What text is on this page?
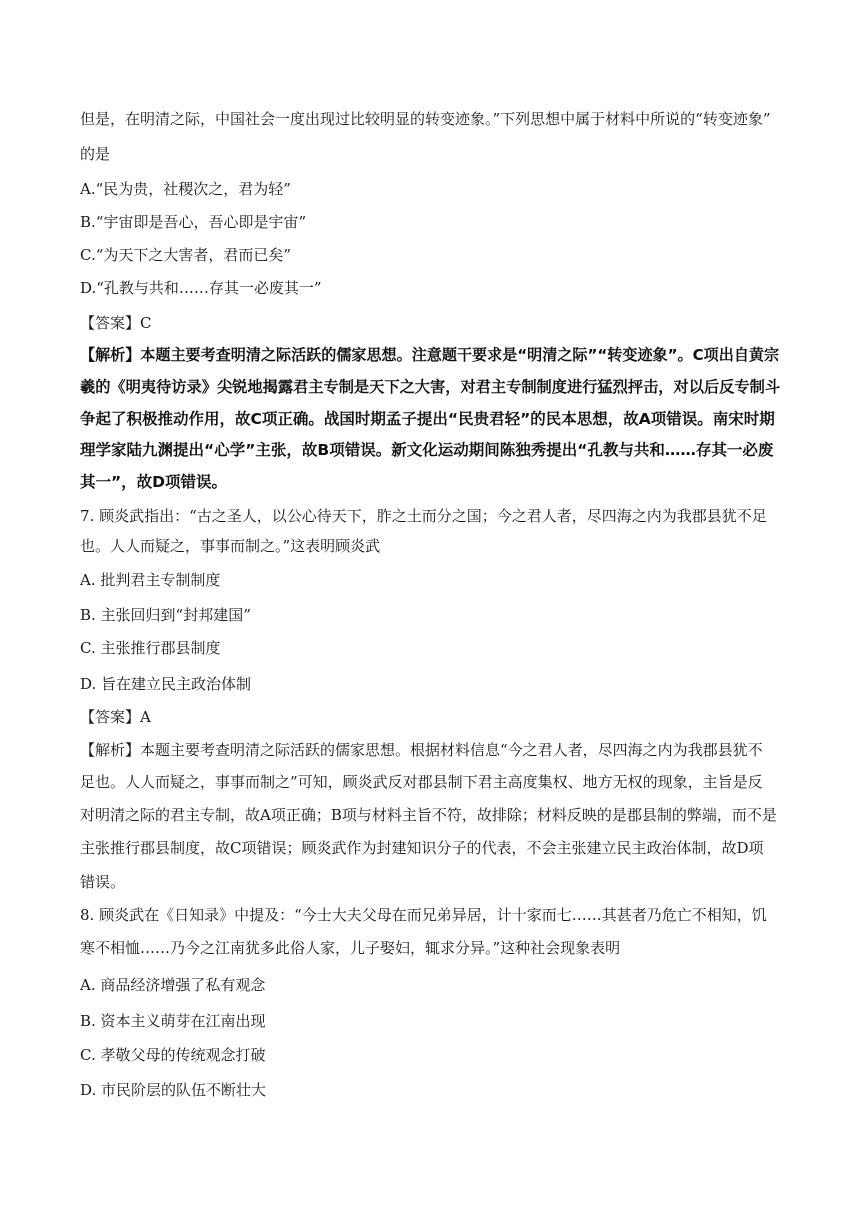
但是，在明清之际，中国社会一度出现过比较明显的转变迹象。”下列思想中属于材料中所说的“转变迹象”
的是
A.“民为贵，社稷次之，君为轻”
B.“宇宙即是吾心，吾心即是宇宙”
C.“为天下之大害者，君而已矣”
D.“孔教与共和……存其一必废其一”
【答案】C
【解析】本题主要考查明清之际活跃的儒家思想。注意题干要求是“明清之际”“转变迹象”。C项出自黄宗
羲的《明夷待访录》尖锐地揭露君主专制是天下之大害，对君主专制制度进行猛烈抨击，对以后反专制斗
争起了积极推动作用，故C项正确。战国时期孟子提出“民贵君轻”的民本思想，故A项错误。南宋时期
理学家陆九渊提出“心学”主张，故B项错误。新文化运动期间陈独秀提出“孔教与共和……存其一必废
其一”，故D项错误。
7. 顾炎武指出：“古之圣人，以公心待天下，胙之土而分之国；今之君人者，尽四海之内为我郡县犹不足
也。人人而疑之，事事而制之。”这表明顾炎武
A. 批判君主专制制度
B. 主张回归到“封邦建国”
C. 主张推行郡县制度
D. 旨在建立民主政治体制
【答案】A
【解析】本题主要考查明清之际活跃的儒家思想。根据材料信息“今之君人者，尽四海之内为我郡县犹不
足也。人人而疑之，事事而制之”可知，顾炎武反对郡县制下君主高度集权、地方无权的现象，主旨是反
对明清之际的君主专制，故A项正确；B项与材料主旨不符，故排除；材料反映的是郡县制的弊端，而不是
主张推行郡县制度，故C项错误；顾炎武作为封建知识分子的代表，不会主张建立民主政治体制，故D项
错误。
8. 顾炎武在《日知录》中提及：“今士大夫父母在而兄弟异居，计十家而七……其甚者乃危亡不相知，饥
寒不相恤……乃今之江南犹多此俗人家，儿子娶妇，辄求分异。”这种社会现象表明
A. 商品经济增强了私有观念
B. 资本主义萌芽在江南出现
C. 孝敬父母的传统观念打破
D. 市民阶层的队伍不断壮大
